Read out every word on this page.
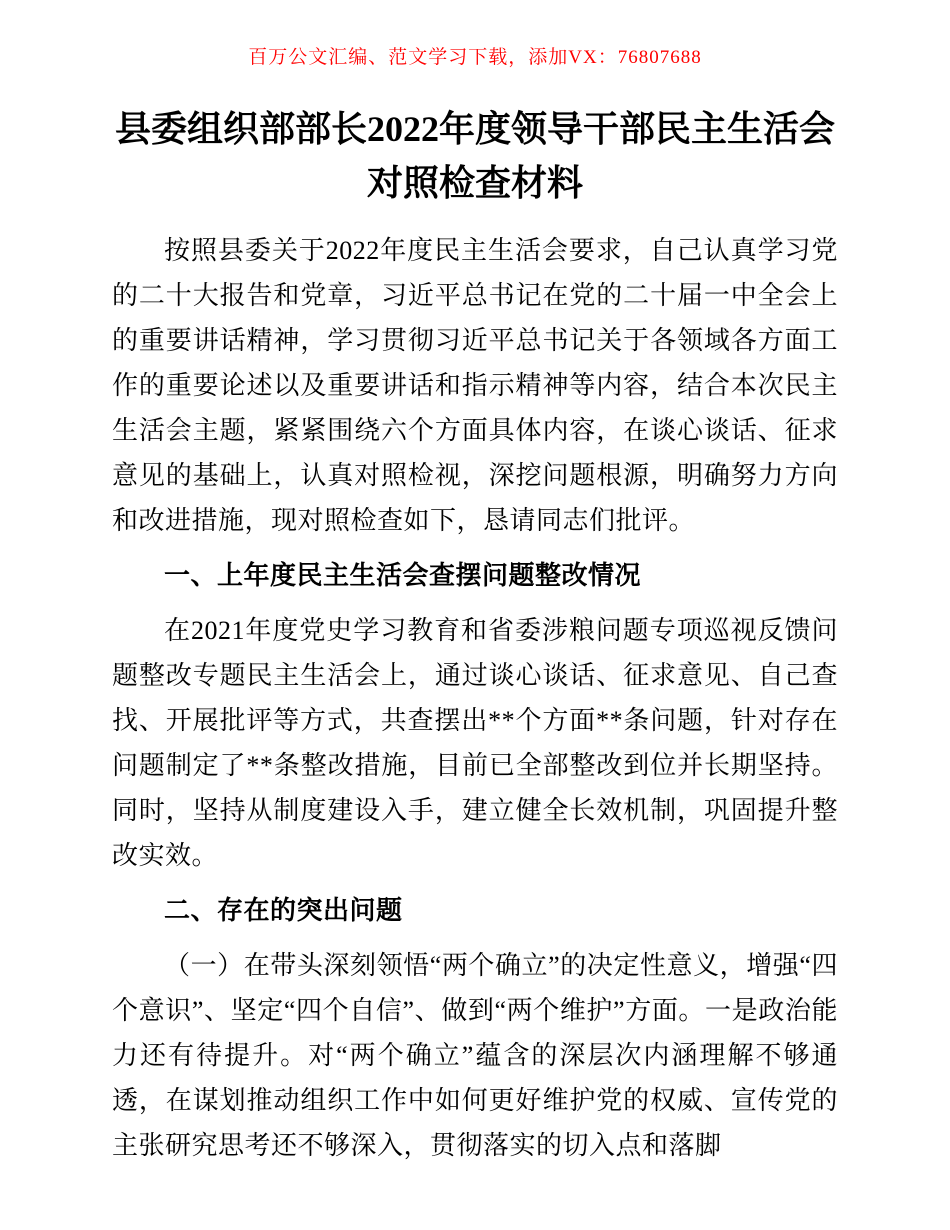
百万公文汇编、范文学习下载，添加VX：76807688
县委组织部部长2022年度领导干部民主生活会对照检查材料

按照县委关于2022年度民主生活会要求，自己认真学习党的二十大报告和党章，习近平总书记在党的二十届一中全会上的重要讲话精神，学习贯彻习近平总书记关于各领域各方面工作的重要论述以及重要讲话和指示精神等内容，结合本次民主生活会主题，紧紧围绕六个方面具体内容，在谈心谈话、征求意见的基础上，认真对照检视，深挖问题根源，明确努力方向和改进措施，现对照检查如下，恳请同志们批评。

一、上年度民主生活会查摆问题整改情况

在2021年度党史学习教育和省委涉粮问题专项巡视反馈问题整改专题民主生活会上，通过谈心谈话、征求意见、自己查找、开展批评等方式，共查摆出**个方面**条问题，针对存在问题制定了**条整改措施，目前已全部整改到位并长期坚持。同时，坚持从制度建设入手，建立健全长效机制，巩固提升整改实效。

二、存在的突出问题

（一）在带头深刻领悟“两个确立”的决定性意义，增强“四个意识”、坚定“四个自信”、做到“两个维护”方面。一是政治能力还有待提升。对“两个确立”蕴含的深层次内涵理解不够通透，在谋划推动组织工作中如何更好维护党的权威、宣传党的主张研究思考还不够深入，贯彻落实的切入点和落脚
